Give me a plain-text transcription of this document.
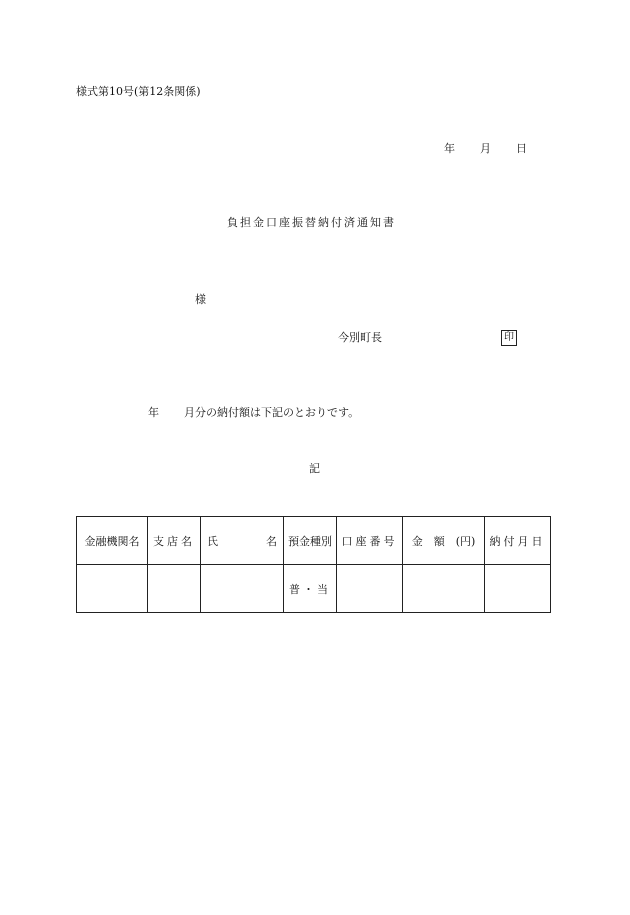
様式第10号(第12条関係)
年 月 日
負担金口座振替納付済通知書
様
今別町長	印
年 月分の納付額は下記のとおりです。
記
金融機関名	支店名	氏 名	預金種別	口座番号	金　額　(円)	納付月日
			普・当			
